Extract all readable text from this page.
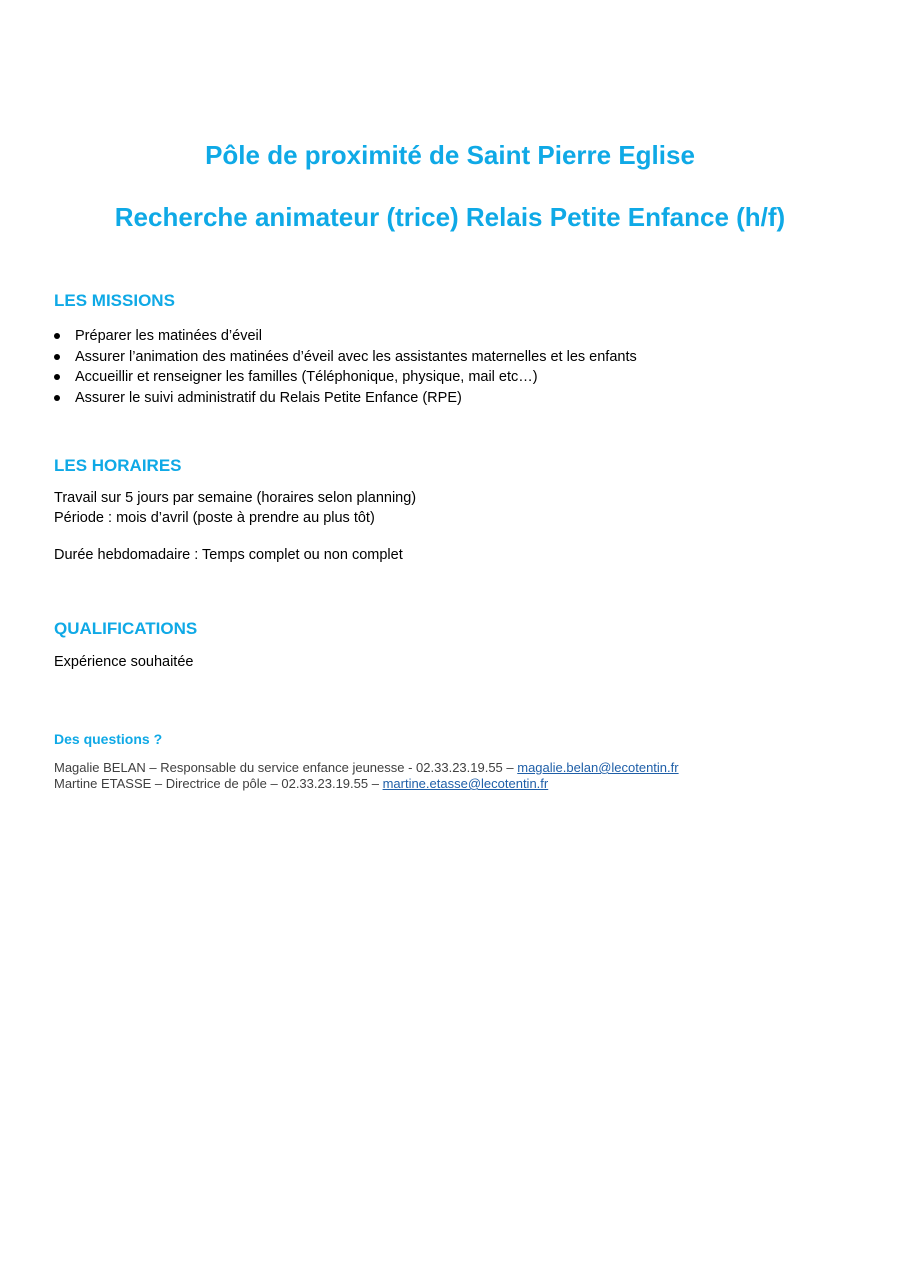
Pôle de proximité de Saint Pierre Eglise
Recherche animateur (trice) Relais Petite Enfance (h/f)
LES MISSIONS
Préparer les matinées d’éveil
Assurer l’animation des matinées d’éveil avec les assistantes maternelles et les enfants
Accueillir et renseigner les familles (Téléphonique, physique, mail etc…)
Assurer le suivi administratif du Relais Petite Enfance (RPE)
LES HORAIRES

Travail sur 5 jours par semaine (horaires selon planning)

Période : mois d’avril (poste à prendre au plus tôt)

Durée hebdomadaire : Temps complet ou non complet

QUALIFICATIONS

Expérience souhaitée

Des questions ?

Magalie BELAN – Responsable du service enfance jeunesse - 02.33.23.19.55 – magalie.belan@lecotentin.fr

Martine ETASSE – Directrice de pôle – 02.33.23.19.55 – martine.etasse@lecotentin.fr
